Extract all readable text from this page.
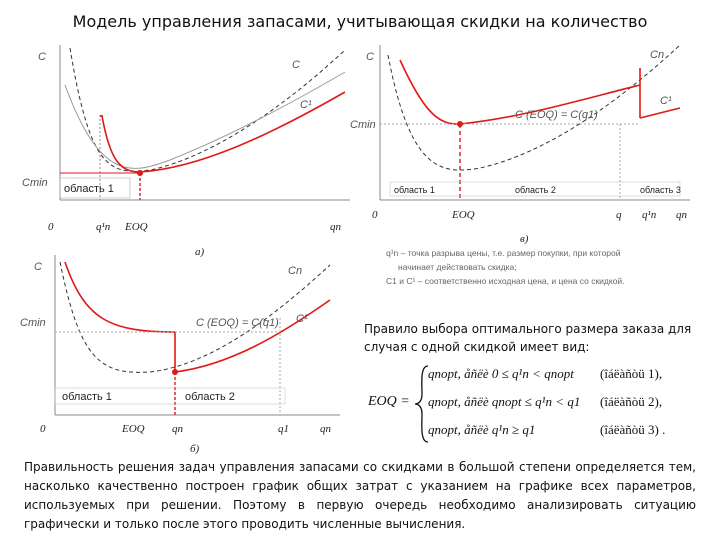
Модель управления запасами, учитывающая скидки на количество
C
C
C¹
Cmin область 1
0	q¹n EOQ	qn
а)
C	Cn
C¹
Cmin
C (EOQ) = C(q1)
область 1	область 2	область 3
0	EOQ	q q¹n qn
в)
C	Cn
C¹
Cmin	C (EOQ) = C(q1)
область 1	область 2
0	EOQ qn	q1	qn
б)
q¹n – точка разрыва цены, т.е. размер покупки, при которой
начинает действовать скидка;
C1 и C¹ – соответственно исходная цена, и цена со скидкой.
Правило выбора оптимального размера заказа для случая с одной скидкой имеет вид:
EOQ =
qnopt, åñëè 0 ≤ q¹n < qnopt (îáëàñòü 1),
qnopt, åñëè qnopt ≤ q¹n < q1 (îáëàñòü 2),
qnopt, åñëè q¹n ≥ q1	(îáëàñòü 3) .
Правильность решения задач управления запасами со скидками в большой степени определяется тем, насколько качественно построен график общих затрат с указанием на графике всех параметров, используемых при решении. Поэтому в первую очередь необходимо анализировать ситуацию графически и только после этого проводить численные вычисления.
